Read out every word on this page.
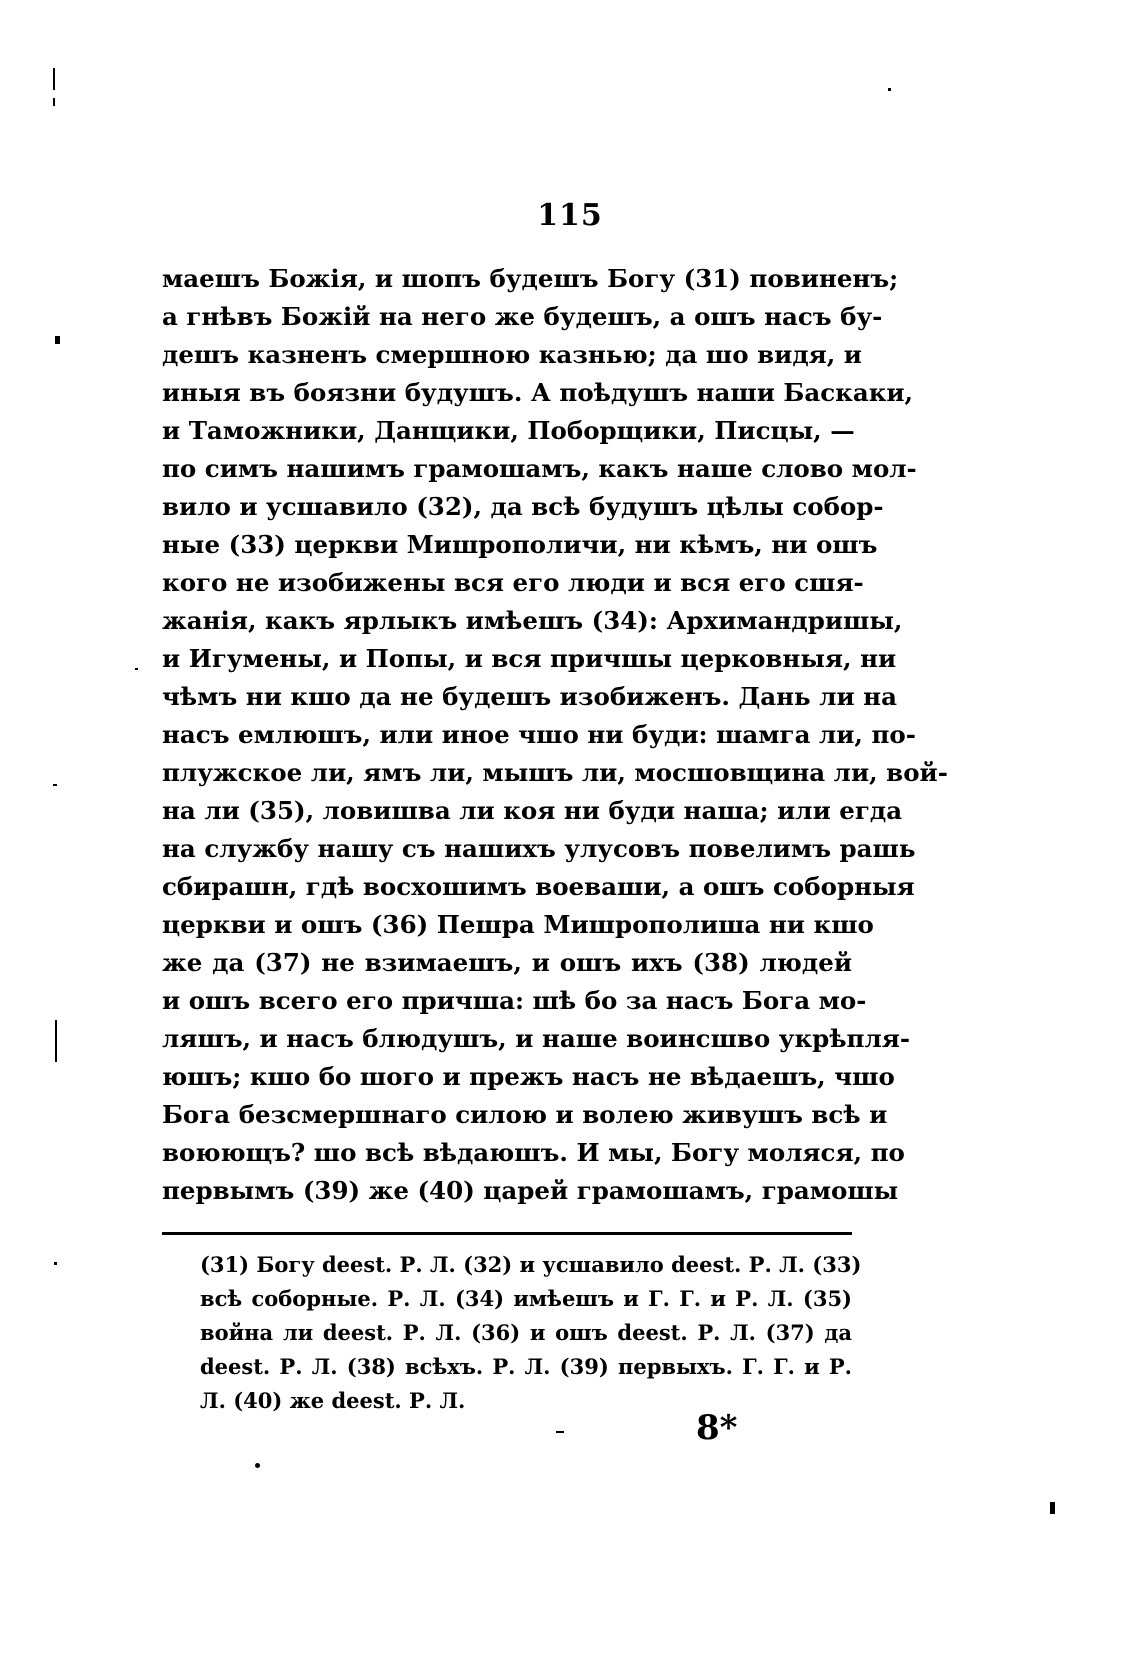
115
маешъ Божія, и шопъ будешъ Богу (31) повиненъ;
а гнѣвъ Божій на него же будешъ, а ошъ насъ бу-
дешъ казненъ смершною казнью; да шо видя, и
иныя въ боязни будушъ. А поѣдушъ наши Баскаки,
и Таможники, Данщики, Поборщики, Писцы, —
по симъ нашимъ грамошамъ, какъ наше слово мол-
вило и усшавило (32), да всѣ будушъ цѣлы собор-
ные (33) церкви Мишрополичи, ни кѣмъ, ни ошъ
кого не изобижены вся его люди и вся его сшя-
жанія, какъ ярлыкъ имѣешъ (34): Архимандришы,
и Игумены, и Попы, и вся причшы церковныя, ни
чѣмъ ни кшо да не будешъ изобиженъ. Дань ли на
насъ емлюшъ, или иное чшо ни буди: шамга ли, по-
плужское ли, ямъ ли, мышъ ли, мосшовщина ли, вой-
на ли (35), ловишва ли коя ни буди наша; или егда
на службу нашу съ нашихъ улусовъ повелимъ рашь
сбирашн, гдѣ восхошимъ воеваши, а ошъ соборныя
церкви и ошъ (36) Пешра Мишрополиша ни кшо
же да (37) не взимаешъ, и ошъ ихъ (38) людей
и ошъ всего его причша: шѣ бо за насъ Бога мо-
ляшъ, и насъ блюдушъ, и наше воинсшво укрѣпля-
юшъ; кшо бо шого и прежъ насъ не вѣдаешъ, чшо
Бога безсмершнаго силою и волею живушъ всѣ и
воюющъ? шо всѣ вѣдаюшъ. И мы, Богу моляся, по
первымъ (39) же (40) царей грамошамъ, грамошы
(31) Богу deest. Р. Л. (32) и усшавило deest. Р. Л. (33)
всѣ соборные. Р. Л. (34) имѣешъ и Г. Г. и Р. Л. (35)
война ли deest. Р. Л. (36) и ошъ deest. Р. Л. (37) да
deest. Р. Л. (38) всѣхъ. Р. Л. (39) первыхъ. Г. Г. и Р.
Л. (40) же deest. Р. Л.
8*
